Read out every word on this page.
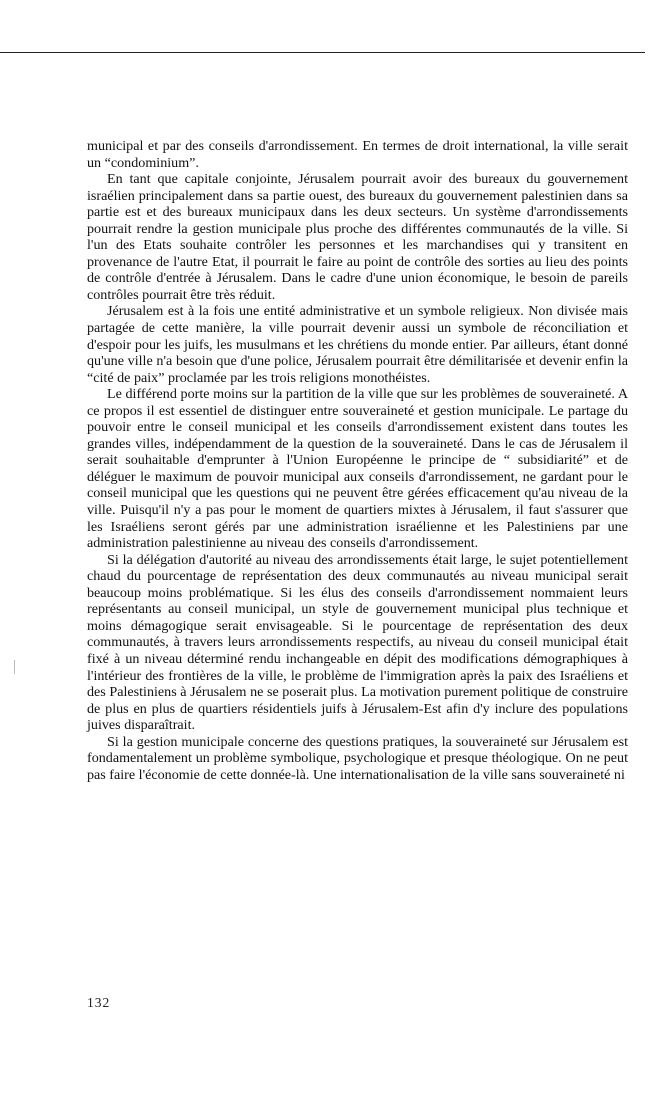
municipal et par des conseils d'arrondissement. En termes de droit international, la ville serait un “condominium”.

En tant que capitale conjointe, Jérusalem pourrait avoir des bureaux du gouvernement israélien principalement dans sa partie ouest, des bureaux du gouvernement palestinien dans sa partie est et des bureaux municipaux dans les deux secteurs. Un système d'arrondissements pourrait rendre la gestion municipale plus proche des différentes communautés de la ville. Si l'un des Etats souhaite contrôler les personnes et les marchandises qui y transitent en provenance de l'autre Etat, il pourrait le faire au point de contrôle des sorties au lieu des points de contrôle d'entrée à Jérusalem. Dans le cadre d'une union économique, le besoin de pareils contrôles pourrait être très réduit.

Jérusalem est à la fois une entité administrative et un symbole religieux. Non divisée mais partagée de cette manière, la ville pourrait devenir aussi un symbole de réconciliation et d'espoir pour les juifs, les musulmans et les chrétiens du monde entier. Par ailleurs, étant donné qu'une ville n'a besoin que d'une police, Jérusalem pourrait être démilitarisée et devenir enfin la “cité de paix” proclamée par les trois religions monothéistes.

Le différend porte moins sur la partition de la ville que sur les problèmes de souveraineté. A ce propos il est essentiel de distinguer entre souveraineté et gestion municipale. Le partage du pouvoir entre le conseil municipal et les conseils d'arrondissement existent dans toutes les grandes villes, indépendamment de la question de la souveraineté. Dans le cas de Jérusalem il serait souhaitable d'emprunter à l'Union Européenne le principe de “ subsidiarité” et de déléguer le maximum de pouvoir municipal aux conseils d'arrondissement, ne gardant pour le conseil municipal que les questions qui ne peuvent être gérées efficacement qu'au niveau de la ville. Puisqu'il n'y a pas pour le moment de quartiers mixtes à Jérusalem, il faut s'assurer que les Israéliens seront gérés par une administration israélienne et les Palestiniens par une administration palestinienne au niveau des conseils d'arrondissement.

Si la délégation d'autorité au niveau des arrondissements était large, le sujet potentiellement chaud du pourcentage de représentation des deux communautés au niveau municipal serait beaucoup moins problématique. Si les élus des conseils d'arrondissement nommaient leurs représentants au conseil municipal, un style de gouvernement municipal plus technique et moins démagogique serait envisageable. Si le pourcentage de représentation des deux communautés, à travers leurs arrondissements respectifs, au niveau du conseil municipal était fixé à un niveau déterminé rendu inchangeable en dépit des modifications démographiques à l'intérieur des frontières de la ville, le problème de l'immigration après la paix des Israéliens et des Palestiniens à Jérusalem ne se poserait plus. La motivation purement politique de construire de plus en plus de quartiers résidentiels juifs à Jérusalem-Est afin d'y inclure des populations juives disparaîtrait.

Si la gestion municipale concerne des questions pratiques, la souveraineté sur Jérusalem est fondamentalement un problème symbolique, psychologique et presque théologique. On ne peut pas faire l'économie de cette donnée-là. Une internationalisation de la ville sans souveraineté ni

132
